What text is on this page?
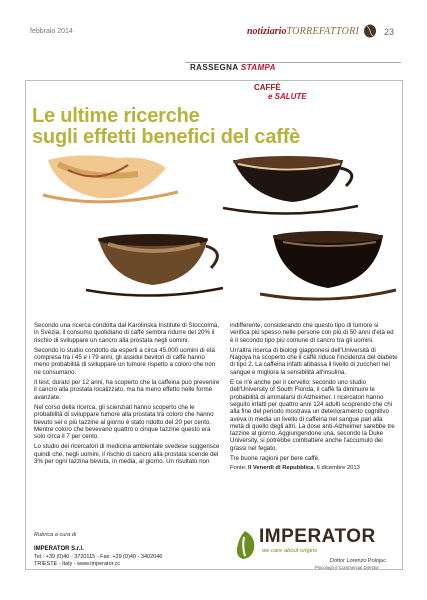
febbraio 2014	notiziarioTORREFATTORI	23
RASSEGNA STAMPA
CAFFÈ
e SALUTE
Le ultime ricerche
sugli effetti benefici del caffè

Secondo una ricerca condotta dal Karolinska Institute di Stoccolma, in Svezia, il consumo quotidiano di caffè sembra ridurre del 20% il rischio di sviluppare un cancro alla prostata negli uomini.

Secondo lo studio condotto da esperti a circa 45.000 uomini di età compresa tra i 45 e i 79 anni, gli assidui bevitori di caffè hanno meno probabilità di sviluppare un tumore rispetto a coloro che non ne consumano.

Il test, durato per 12 anni, ha scoperto che la caffeina può prevenire il cancro alla prostata localizzato, ma ha meno effetto nelle forme avanzate.

Nel corso della ricerca, gli scienziati hanno scoperto che le probabilità di sviluppare tumore alla prostata tra coloro che hanno bevuto sei o più tazzine al giorno è stato ridotto del 20 per cento. Mentre coloro che bevevano quattro o cinque tazzine questo era solo circa il 7 per cento.

Lo studio dei ricercatori di medicina ambientale svedese suggerisce quindi che, negli uomini, il rischio di cancro alla prostata scende del 3% per ogni tazzina bevuta, in media, al giorno. Un risultato non

indifferente, considerando che questo tipo di tumore si verifica più spesso nelle persone con più di 50 anni d'età ed è il secondo tipo più comune di cancro tra gli uomini.

Un'altra ricerca di biologi giapponesi dell'Università di Nagoya ha scoperto che il caffè riduce l'incidenza del diabete di tipo 2. La caffeina infatti abbassa il livello di zuccheri nel sangue e migliora la sensibilità all'insulina.

E ce n'è anche per il cervello: secondo uno studio dell'University of South Florida, il caffè fa diminuire le probabilità di ammalarsi di Alzheimer. I ricercatori hanno seguito infatti per quattro anni 124 adulti scoprendo che chi alla fine del periodo mostrava un deterioramento cognitivo aveva in media un livello di caffeina nel sangue pari alla metà di quello degli altri. La dose anti-Alzheimer sarebbe tre tazzine al giorno. Aggiungendone una, secondo la Duke University, si potrebbe combattere anche l'accumulo dei grassi nel fegato.

Tre buone ragioni per bere caffè.

Fonte: Il Venerdì di Repubblica, 6 dicembre 2013

Rubrica a cura di
IMPERATOR S.r.l.
Tel.: +39 (0)40 - 3720115 - Fax: +39 (0)40 - 3402046
TRIESTE - Italy - www.imperator.cc
IMPERATOR
we care about origins
Dottor Lorenzo Polojac
Psicologo e Commercial Director
